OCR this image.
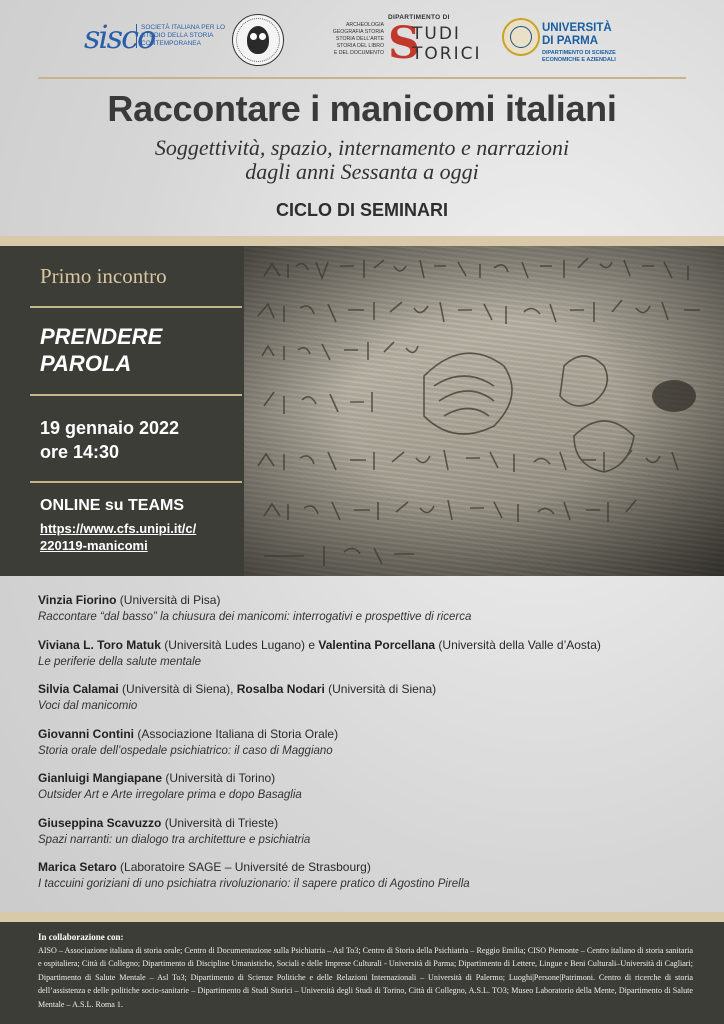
sisco
SOCIETÀ ITALIANA PER LO STUDIO DELLA STORIA CONTEMPORANEA
ARCHEOLOGIA GEOGRAFIA STORIA STORIA DELL'ARTE STORIA DEL LIBRO E DEL DOCUMENTO
DIPARTIMENTO DI
S
TUDI
TORICI
UNIVERSITÀ
DI PARMA
DIPARTIMENTO DI SCIENZE ECONOMICHE E AZIENDALI
Raccontare i manicomi italiani
Soggettività, spazio, internamento e narrazioni
dagli anni Sessanta a oggi
CICLO DI SEMINARI
Primo incontro
PRENDERE
PAROLA
19 gennaio 2022
ore 14:30
ONLINE su TEAMS
https://www.cfs.unipi.it/c/
220119-manicomi
Vinzia Fiorino (Università di Pisa)
Raccontare “dal basso” la chiusura dei manicomi: interrogativi e prospettive di ricerca
Viviana L. Toro Matuk (Università Ludes Lugano) e Valentina Porcellana (Università della Valle d’Aosta)
Le periferie della salute mentale
Silvia Calamai (Università di Siena), Rosalba Nodari (Università di Siena)
Voci dal manicomio
Giovanni Contini (Associazione Italiana di Storia Orale)
Storia orale dell’ospedale psichiatrico: il caso di Maggiano
Gianluigi Mangiapane (Università di Torino)
Outsider Art e Arte irregolare prima e dopo Basaglia
Giuseppina Scavuzzo (Università di Trieste)
Spazi narranti: un dialogo tra architetture e psichiatria
Marica Setaro (Laboratoire SAGE – Université de Strasbourg)
I taccuini goriziani di uno psichiatra rivoluzionario: il sapere pratico di Agostino Pirella
In collaborazione con:
AISO – Associazione italiana di storia orale; Centro di Documentazione sulla Psichiatria – Asl To3; Centro di Storia della Psichiatria – Reggio Emilia; CISO Piemonte – Centro italiano di storia sanitaria e ospitaliera; Città di Collegno; Dipartimento di Discipline Umanistiche, Sociali e delle Imprese Culturali - Università di Parma; Dipartimento di Lettere, Lingue e Beni Culturali–Università di Cagliari; Dipartimento di Salute Mentale – Asl To3; Dipartimento di Scienze Politiche e delle Relazioni Internazionali – Università di Palermo; Luoghi|Persone|Patrimoni. Centro di ricerche di storia dell’assistenza e delle politiche socio-sanitarie – Dipartimento di Studi Storici – Università degli Studi di Torino, Città di Collegno, A.S.L. TO3; Museo Laboratorio della Mente, Dipartimento di Salute Mentale – A.S.L. Roma 1.
